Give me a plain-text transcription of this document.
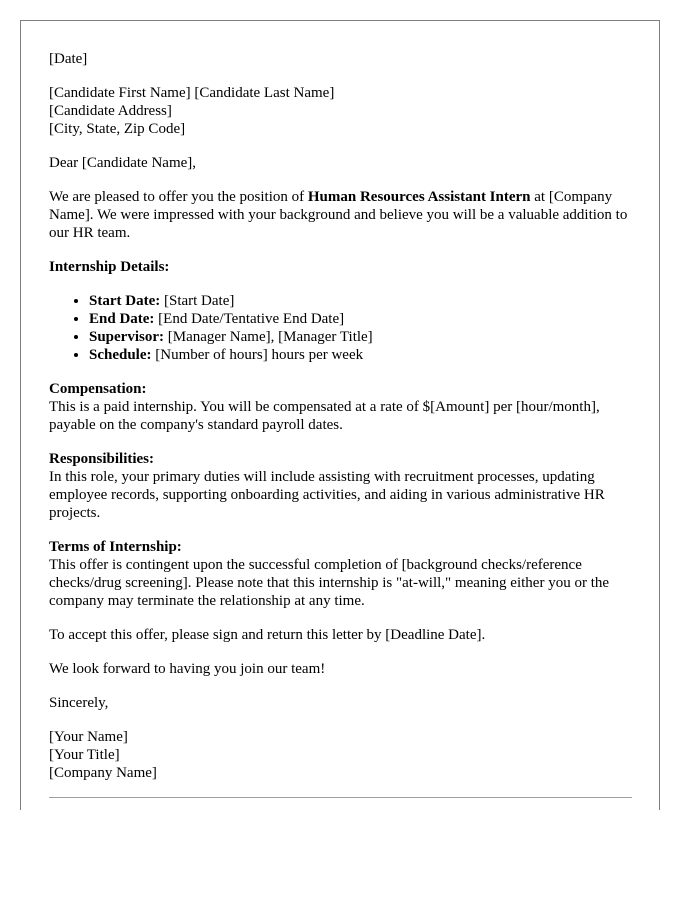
[Date]

[Candidate First Name] [Candidate Last Name]
[Candidate Address]
[City, State, Zip Code]

Dear [Candidate Name],

We are pleased to offer you the position of Human Resources Assistant Intern at [Company Name]. We were impressed with your background and believe you will be a valuable addition to our HR team.

Internship Details:

• Start Date: [Start Date]
• End Date: [End Date/Tentative End Date]
• Supervisor: [Manager Name], [Manager Title]
• Schedule: [Number of hours] hours per week
Compensation:
This is a paid internship. You will be compensated at a rate of $[Amount] per [hour/month], payable on the company's standard payroll dates.
Responsibilities:
In this role, your primary duties will include assisting with recruitment processes, updating employee records, supporting onboarding activities, and aiding in various administrative HR projects.
Terms of Internship:
This offer is contingent upon the successful completion of [background checks/reference checks/drug screening]. Please note that this internship is "at-will," meaning either you or the company may terminate the relationship at any time.

To accept this offer, please sign and return this letter by [Deadline Date].

We look forward to having you join our team!

Sincerely,

[Your Name]
[Your Title]
[Company Name]
